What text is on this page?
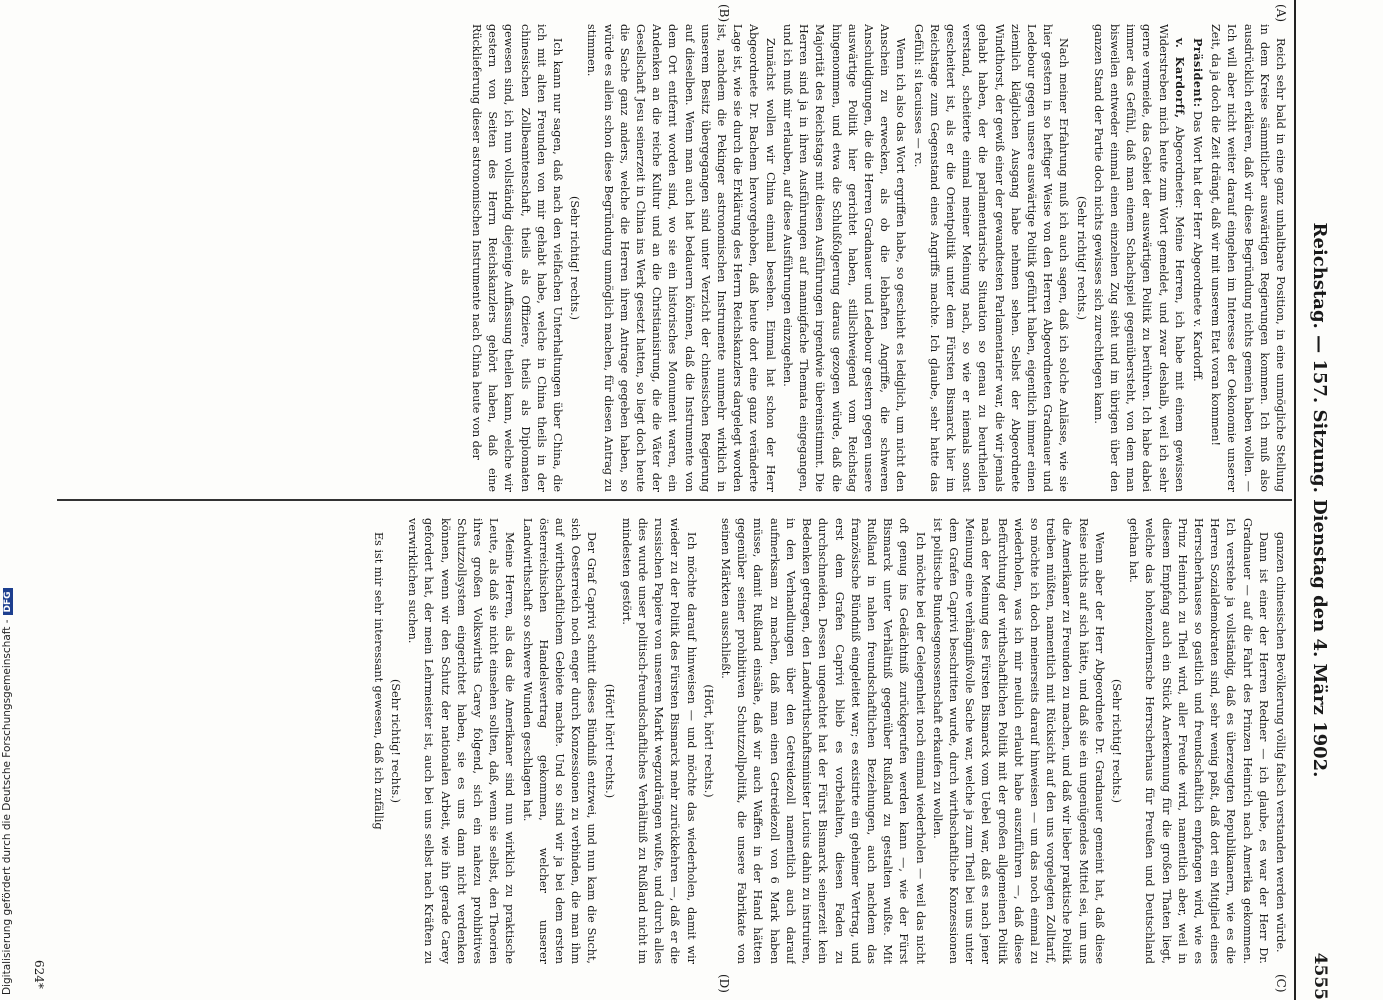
Reichstag. — 157. Sitzung. Dienstag den 4. März 1902.
4555
(A)
(B)
(C)
(D)

Reich sehr bald in eine ganz unhaltbare Position, in eine unmögliche Stellung in dem Kreise sämmtlicher auswärtigen Regierungen kommen. Ich muß also ausdrücklich erklären, daß wir diese Begründung nichts gemein haben wollen. — Ich will aber nicht weiter darauf eingehen im Interesse der Oekonomie unserer Zeit, da ja doch die Zeit drängt, daß wir mit unserem Etat voran kommen!

Präsident: Das Wort hat der Herr Abgeordnete v. Kardorff.

v. Kardorff, Abgeordneter: Meine Herren, ich habe mit einem gewissen Widerstreben mich heute zum Wort gemeldet, und zwar deshalb, weil ich sehr gerne vermeide, das Gebiet der auswärtigen Politik zu berühren. Ich habe dabei immer das Gefühl, daß man einem Schachspiel gegenübersteht, von dem man bisweilen entweder einmal einen einzelnen Zug sieht und im übrigen über den ganzen Stand der Partie doch nichts gewisses sich zurechtlegen kann.

(Sehr richtig! rechts.)

Nach meiner Erfahrung muß ich auch sagen, daß ich solche Anlässe, wie sie hier gestern in so heftiger Weise von den Herren Abgeordneten Gradnauer und Ledebour gegen unsere auswärtige Politik geführt haben, eigentlich immer einen ziemlich kläglichen Ausgang habe nehmen sehen. Selbst der Abgeordnete Windthorst, der gewiß einer der gewandtesten Parlamentarier war, die wir jemals gehabt haben, der die parlamentarische Situation so genau zu beurtheilen verstand, scheiterte einmal meiner Meinung nach, so wie er niemals sonst gescheitert ist, als er die Orientpolitik unter dem Fürsten Bismarck hier im Reichstage zum Gegenstand eines Angriffs machte. Ich glaube, sehr hatte das Gefühl: si tacuisses — rc.

Wenn ich also das Wort ergriffen habe, so geschieht es lediglich, um nicht den Anschein zu erwecken, als ob die lebhaften Angriffe, die schweren Anschuldigungen, die die Herren Gradnauer und Ledebour gestern gegen unsere auswärtige Politik hier gerichtet haben, stillschweigend vom Reichstag hingenommen, und etwa die Schlußfolgerung daraus gezogen würde, daß die Majorität des Reichstags mit diesen Ausführungen irgendwie übereinstimmt. Die Herren sind ja in ihren Ausführungen auf mannigfache Themata eingegangen, und ich muß mir erlauben, auf diese Ausführungen einzugehen.

Zunächst wollen wir China einmal besehen. Einmal hat schon der Herr Abgeordnete Dr. Bachem hervorgehoben, daß heute dort eine ganz veränderte Lage ist, wie sie durch die Erklärung des Herrn Reichskanzlers dargelegt worden ist, nachdem die Pekinger astronomischen Instrumente nunmehr wirklich in unserem Besitz übergegangen sind unter Verzicht der chinesischen Regierung auf dieselben. Wenn man auch hat bedauern können, daß die Instrumente von dem Ort entfernt worden sind, wo sie ein historisches Monument waren, ein Andenken an die reiche Kultur und an die Christianisirung, die die Väter der Gesellschaft Jesu seinerzeit in China ins Werk gesetzt hatten, so liegt doch heute die Sache ganz anders, welche die Herren ihrem Antrage gegeben haben, so würde es allein schon diese Begründung unmöglich machen, für diesen Antrag zu stimmen.

(Sehr richtig! rechts.)

Ich kann nur sagen, daß nach den vielfachen Unterhaltungen über China, die ich mit alten Freunden von mir gehabt habe, welche in China theils in der chinesischen Zollbeamtenschaft, theils als Offiziere, theils als Diplomaten gewesen sind, ich nun vollständig diejenige Auffassung theilen kann, welche wir gestern von Seiten des Herrn Reichskanzlers gehört haben, daß eine Rücklieferung dieser astronomischen Instrumente nach China heute von der

ganzen chinesischen Bevölkerung völlig falsch verstanden werden würde.

Dann ist einer der Herren Redner — ich glaube, es war der Herr Dr. Gradnauer — auf die Fahrt des Prinzen Heinrich nach Amerika gekommen. Ich verstehe ja vollständig, daß es überzeugten Republikanern, wie es die Herren Sozialdemokraten sind, sehr wenig paßt, daß dort ein Mitglied eines Herrscherhauses so gastlich und freundschaftlich empfangen wird, wie es Prinz Heinrich zu Theil wird, aller Freude wird, namentlich aber, weil in diesem Empfang auch ein Stück Anerkennung für die großen Thaten liegt, welche das hohenzollernsche Herrscherhaus für Preußen und Deutschland gethan hat.

(Sehr richtig! rechts.)

Wenn aber der Herr Abgeordnete Dr. Gradnauer gemeint hat, daß diese Reise nichts auf sich hätte, und daß sie ein ungenügendes Mittel sei, um uns die Amerikaner zu Freunden zu machen, und daß wir lieber praktische Politik treiben müßten, namentlich mit Rücksicht auf den uns vorgelegten Zolltarif, so möchte ich doch meinerseits darauf hinweisen — um das noch einmal zu wiederholen, was ich mir neulich erlaubt habe auszuführen —, daß diese Befürchtung der wirthschaftlichen Politik mit der großen allgemeinen Politik nach der Meinung des Fürsten Bismarck vom Uebel war, daß es nach jener Meinung eine verhängnißvolle Sache war, welche ja zum Theil bei uns unter dem Grafen Caprivi beschritten wurde, durch wirthschaftliche Konzessionen ist politische Bundesgenossenschaft erkaufen zu wollen.

Ich möchte bei der Gelegenheit noch einmal wiederholen — weil das nicht oft genug ins Gedächtniß zurückgerufen werden kann —, wie der Fürst Bismarck unter Verhältniß gegenüber Rußland zu gestalten wußte. Mit Rußland in nahen freundschaftlichen Beziehungen, auch nachdem das französische Bündniß eingeleitet war; es existirte ein geheimer Vertrag, und erst dem Grafen Caprivi blieb es vorbehalten, diesen Faden zu durchschneiden. Dessen ungeachtet hat der Fürst Bismarck seinerzeit kein Bedenken getragen, den Landwirthschaftsminister Lucius dahin zu instruiren, in den Verhandlungen über den Getreidezoll namentlich auch darauf aufmerksam zu machen, daß man einen Getreidezoll von 6 Mark haben müsse, damit Rußland einsähe, daß wir auch Waffen in der Hand hätten gegenüber seiner prohibitiven Schutzzollpolitik, die unsere Fabrikate von seinen Märkten ausschließt.

(Hört, hört! rechts.)

Ich möchte darauf hinweisen — und möchte das wiederholen, damit wir wieder zu der Politik des Fürsten Bismarck mehr zurückkehren —, daß er die russischen Papiere von unserem Markt wegzudrängen wußte, und durch alles dies wurde unser politisch-freundschaftliches Verhältniß zu Rußland nicht im mindesten gestört.

(Hört! hört! rechts.)

Der Graf Caprivi schnitt dieses Bündniß entzwei, und nun kam die Sucht, sich Oesterreich noch enger durch Konzessionen zu verbinden, die man ihm auf wirthschaftlichem Gebiete machte. Und so sind wir ja bei dem ersten österreichischen Handelsvertrag gekommen, welcher unserer Landwirthschaft so schwere Wunden geschlagen hat.

Meine Herren, als das die Amerikaner sind nun wirklich zu praktische Leute, als daß sie nicht einsehen sollten, daß, wenn sie selbst, den Theorien ihres großen Volkswirths Carey folgend, sich ein nahezu prohibitives Schutzzollsystem eingerichtet haben, sie es uns dann nicht verdenken können, wenn wir den Schutz der nationalen Arbeit, wie ihn gerade Carey gefordert hat, der mein Lehrmeister ist, auch bei uns selbst nach Kräften zu verwirklichen suchen.

(Sehr richtig! rechts.)

Es ist mir sehr interessant gewesen, daß ich zufällig

624*
Digitalisierung gefördert durch die Deutsche Forschungsgemeinschaft -DFG
